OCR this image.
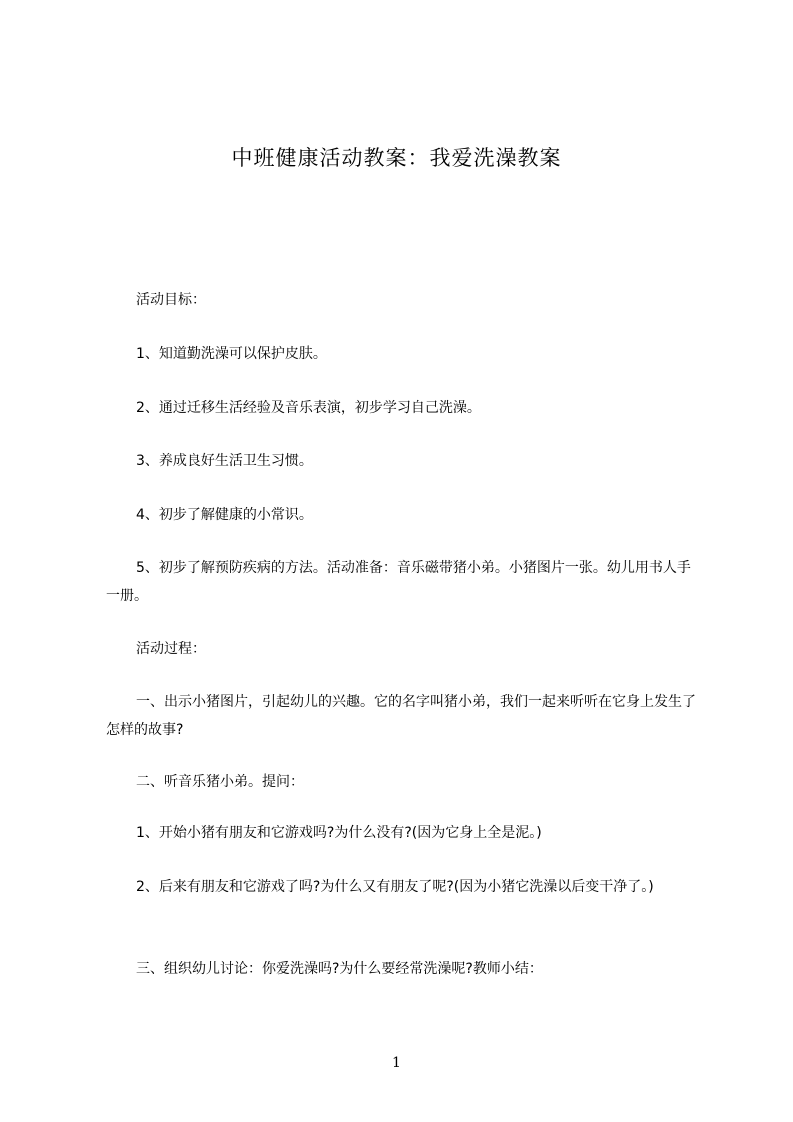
中班健康活动教案：我爱洗澡教案

活动目标：

1、知道勤洗澡可以保护皮肤。

2、通过迁移生活经验及音乐表演，初步学习自己洗澡。

3、养成良好生活卫生习惯。

4、初步了解健康的小常识。

5、初步了解预防疾病的方法。活动准备：音乐磁带猪小弟。小猪图片一张。幼儿用书人手一册。

活动过程：

一、出示小猪图片，引起幼儿的兴趣。它的名字叫猪小弟，我们一起来听听在它身上发生了怎样的故事?

二、听音乐猪小弟。提问：

1、开始小猪有朋友和它游戏吗?为什么没有?(因为它身上全是泥。)

2、后来有朋友和它游戏了吗?为什么又有朋友了呢?(因为小猪它洗澡以后变干净了。)

三、组织幼儿讨论：你爱洗澡吗?为什么要经常洗澡呢?教师小结：

1
